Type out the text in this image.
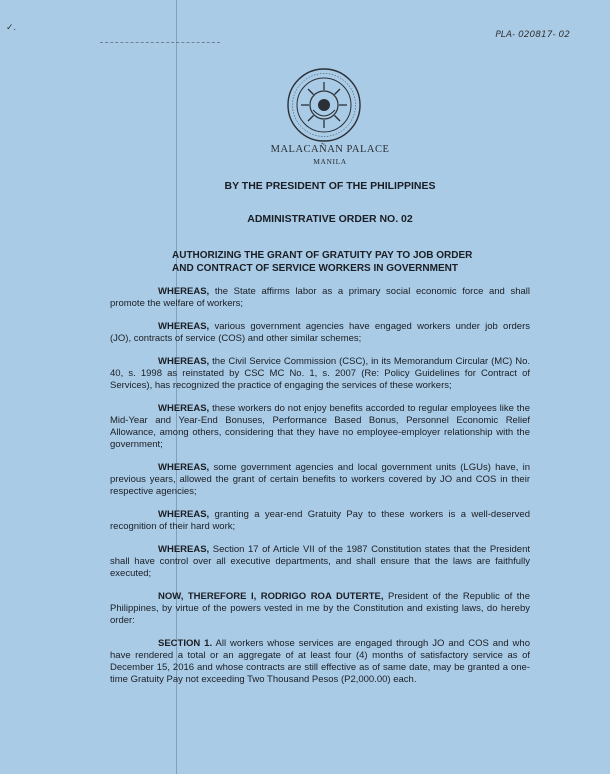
✓.
PLA- 020817- 02
MALACAÑAN PALACE
MANILA
BY THE PRESIDENT OF THE PHILIPPINES
ADMINISTRATIVE ORDER NO. 02
AUTHORIZING THE GRANT OF GRATUITY PAY TO JOB ORDER
AND CONTRACT OF SERVICE WORKERS IN GOVERNMENT

WHEREAS, the State affirms labor as a primary social economic force and shall promote the welfare of workers;

WHEREAS, various government agencies have engaged workers under job orders (JO), contracts of service (COS) and other similar schemes;

WHEREAS, the Civil Service Commission (CSC), in its Memorandum Circular (MC) No. 40, s. 1998 as reinstated by CSC MC No. 1, s. 2007 (Re: Policy Guidelines for Contract of Services), has recognized the practice of engaging the services of these workers;

WHEREAS, these workers do not enjoy benefits accorded to regular employees like the Mid-Year and Year-End Bonuses, Performance Based Bonus, Personnel Economic Relief Allowance, among others, considering that they have no employee-employer relationship with the government;

WHEREAS, some government agencies and local government units (LGUs) have, in previous years, allowed the grant of certain benefits to workers covered by JO and COS in their respective agencies;

WHEREAS, granting a year-end Gratuity Pay to these workers is a well-deserved recognition of their hard work;

WHEREAS, Section 17 of Article VII of the 1987 Constitution states that the President shall have control over all executive departments, and shall ensure that the laws are faithfully executed;

NOW, THEREFORE I, RODRIGO ROA DUTERTE, President of the Republic of the Philippines, by virtue of the powers vested in me by the Constitution and existing laws, do hereby order:

SECTION 1. All workers whose services are engaged through JO and COS and who have rendered a total or an aggregate of at least four (4) months of satisfactory service as of December 15, 2016 and whose contracts are still effective as of same date, may be granted a one-time Gratuity Pay not exceeding Two Thousand Pesos (P2,000.00) each.
